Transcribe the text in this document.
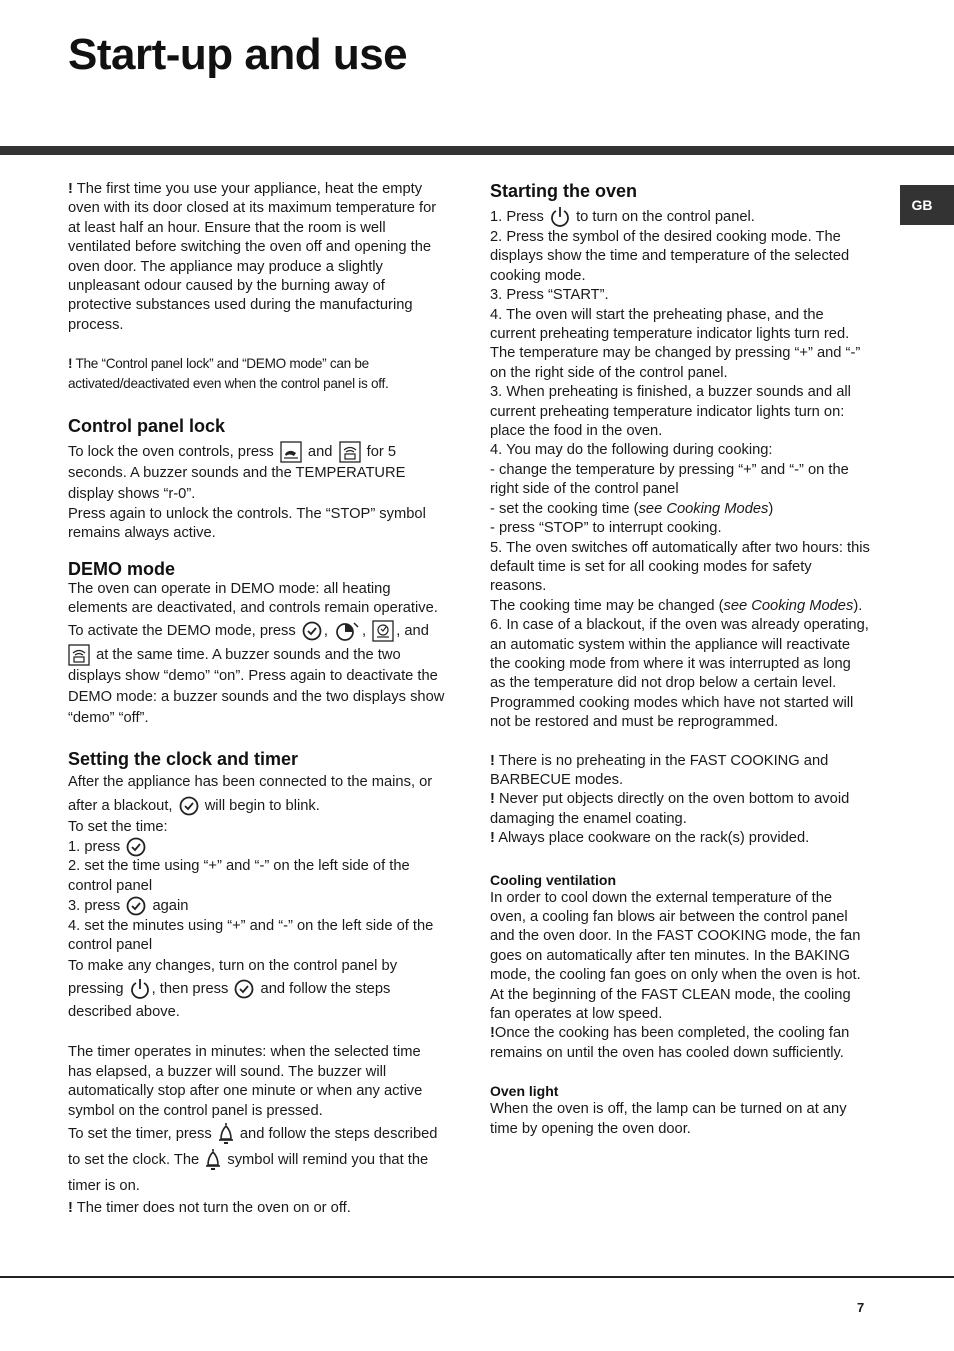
Start-up and use
GB

! The first time you use your appliance, heat the empty oven with its door closed at its maximum temperature for at least half an hour. Ensure that the room is well ventilated before switching the oven off and opening the oven door. The appliance may produce a slightly unpleasant odour caused by the burning away of protective substances used during the manufacturing process.

! The “Control panel lock” and “DEMO mode” can be activated/deactivated even when the control panel is off.

Control panel lock

To lock the oven controls, press and for 5 seconds. A buzzer sounds and the TEMPERATURE display shows “r-0”.

Press again to unlock the controls. The “STOP” symbol remains always active.

DEMO mode

The oven can operate in DEMO mode: all heating elements are deactivated, and controls remain operative.

To activate the DEMO mode, press , , , and

at the same time. A buzzer sounds and the two displays show “demo” “on”. Press again to deactivate the DEMO mode: a buzzer sounds and the two displays show “demo” “off”.

Setting the clock and timer

After the appliance has been connected to the mains, or after a blackout, will begin to blink.

To set the time:

1. press

2. set the time using “+” and “-” on the left side of the control panel

3. press again

4. set the minutes using “+” and “-” on the left side of the control panel

To make any changes, turn on the control panel by pressing , then press and follow the steps described above.

The timer operates in minutes: when the selected time has elapsed, a buzzer will sound. The buzzer will automatically stop after one minute or when any active symbol on the control panel is pressed.

To set the timer, press and follow the steps described to set the clock. The symbol will remind you that the timer is on.

! The timer does not turn the oven on or off.

Starting the oven

1. Press to turn on the control panel.

2. Press the symbol of the desired cooking mode. The displays show the time and temperature of the selected cooking mode.

3. Press “START”.

4. The oven will start the preheating phase, and the current preheating temperature indicator lights turn red. The temperature may be changed by pressing “+” and “-” on the right side of the control panel.

3. When preheating is finished, a buzzer sounds and all current preheating temperature indicator lights turn on: place the food in the oven.

4. You may do the following during cooking:

- change the temperature by pressing “+” and “-” on the right side of the control panel

- set the cooking time (see Cooking Modes)

- press “STOP” to interrupt cooking.

5. The oven switches off automatically after two hours: this default time is set for all cooking modes for safety reasons.

The cooking time may be changed (see Cooking Modes).

6. In case of a blackout, if the oven was already operating, an automatic system within the appliance will reactivate the cooking mode from where it was interrupted as long as the temperature did not drop below a certain level. Programmed cooking modes which have not started will not be restored and must be reprogrammed.

! There is no preheating in the FAST COOKING and BARBECUE modes.

! Never put objects directly on the oven bottom to avoid damaging the enamel coating.

! Always place cookware on the rack(s) provided.

Cooling ventilation

In order to cool down the external temperature of the oven, a cooling fan blows air between the control panel and the oven door. In the FAST COOKING mode, the fan goes on automatically after ten minutes. In the BAKING mode, the cooling fan goes on only when the oven is hot. At the beginning of the FAST CLEAN mode, the cooling fan operates at low speed.

!Once the cooking has been completed, the cooling fan remains on until the oven has cooled down sufficiently.

Oven light

When the oven is off, the lamp can be turned on at any time by opening the oven door.

7
